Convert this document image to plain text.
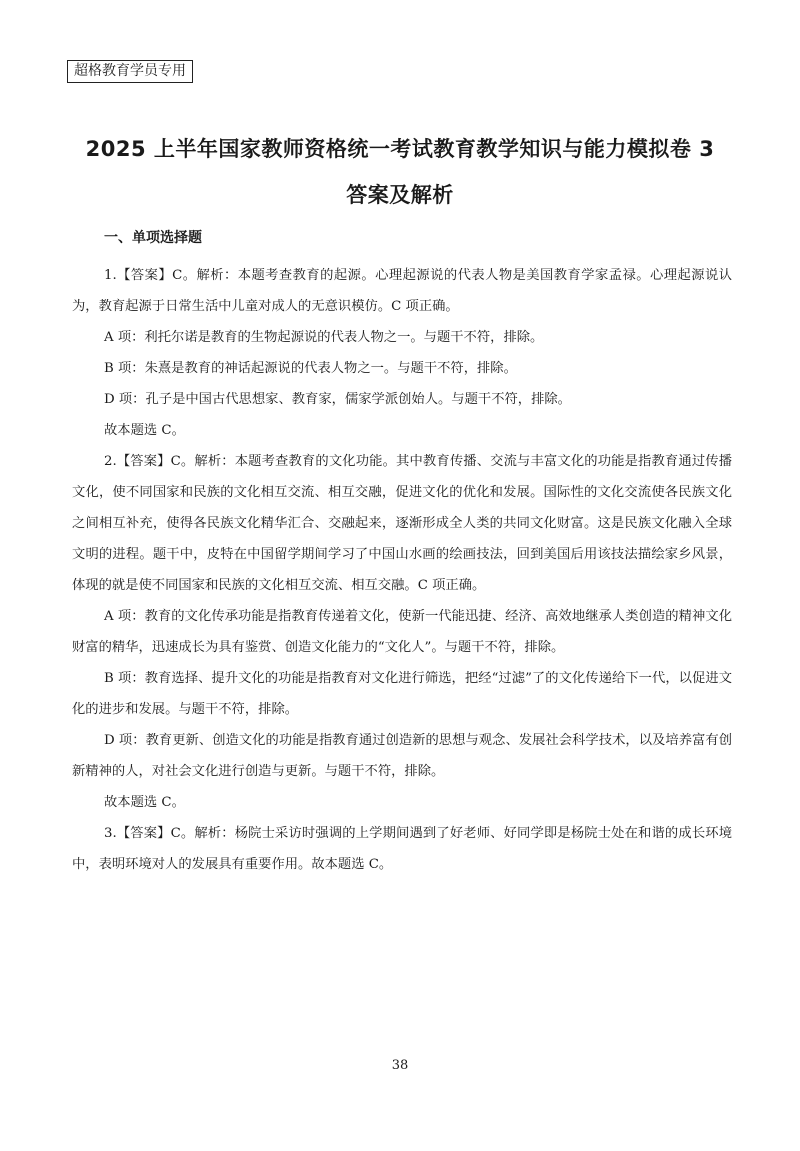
超格教育学员专用
2025 上半年国家教师资格统一考试教育教学知识与能力模拟卷 3
答案及解析
一、单项选择题

1.【答案】C。解析：本题考查教育的起源。心理起源说的代表人物是美国教育学家孟禄。心理起源说认为，教育起源于日常生活中儿童对成人的无意识模仿。C 项正确。

A 项：利托尔诺是教育的生物起源说的代表人物之一。与题干不符，排除。

B 项：朱熹是教育的神话起源说的代表人物之一。与题干不符，排除。

D 项：孔子是中国古代思想家、教育家，儒家学派创始人。与题干不符，排除。

故本题选 C。

2.【答案】C。解析：本题考查教育的文化功能。其中教育传播、交流与丰富文化的功能是指教育通过传播文化，使不同国家和民族的文化相互交流、相互交融，促进文化的优化和发展。国际性的文化交流使各民族文化之间相互补充，使得各民族文化精华汇合、交融起来，逐渐形成全人类的共同文化财富。这是民族文化融入全球文明的进程。题干中，皮特在中国留学期间学习了中国山水画的绘画技法，回到美国后用该技法描绘家乡风景，体现的就是使不同国家和民族的文化相互交流、相互交融。C 项正确。

A 项：教育的文化传承功能是指教育传递着文化，使新一代能迅捷、经济、高效地继承人类创造的精神文化财富的精华，迅速成长为具有鉴赏、创造文化能力的“文化人”。与题干不符，排除。

B 项：教育选择、提升文化的功能是指教育对文化进行筛选，把经“过滤”了的文化传递给下一代，以促进文化的进步和发展。与题干不符，排除。

D 项：教育更新、创造文化的功能是指教育通过创造新的思想与观念、发展社会科学技术，以及培养富有创新精神的人，对社会文化进行创造与更新。与题干不符，排除。

故本题选 C。

3.【答案】C。解析：杨院士采访时强调的上学期间遇到了好老师、好同学即是杨院士处在和谐的成长环境中，表明环境对人的发展具有重要作用。故本题选 C。

38
